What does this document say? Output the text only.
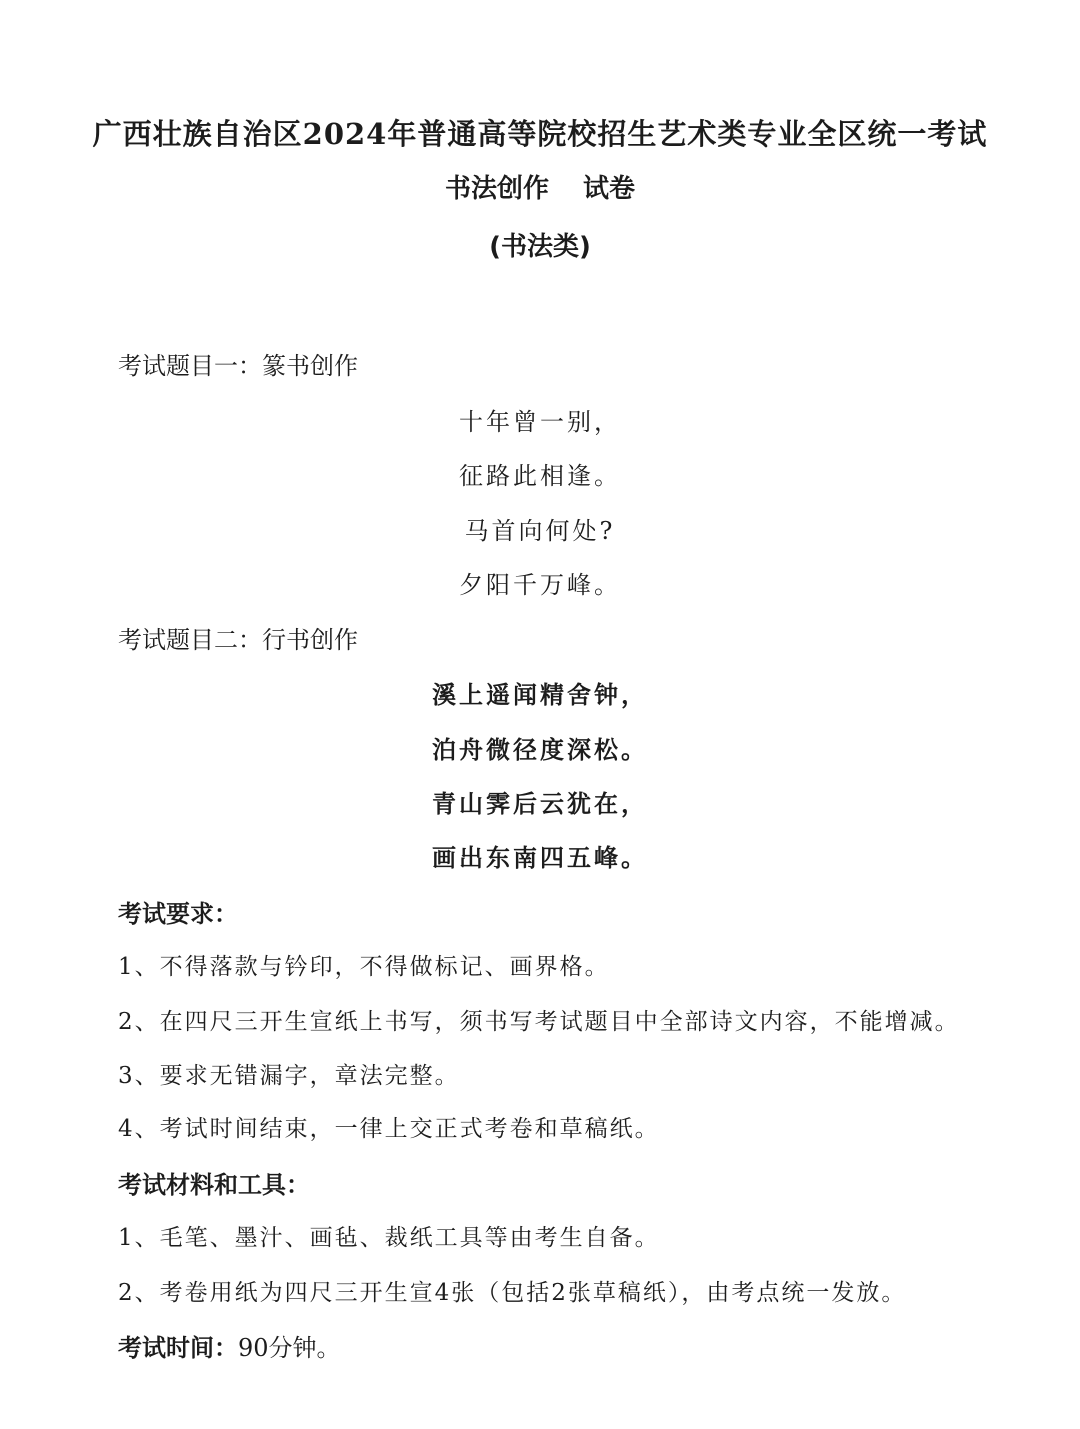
广西壮族自治区2024年普通高等院校招生艺术类专业全区统一考试
书法创作 试卷
(书法类)
考试题目一：篆书创作
十年曾一别，
征路此相逢。
马首向何处?
夕阳千万峰。
考试题目二：行书创作
溪上遥闻精舍钟，
泊舟微径度深松。
青山霁后云犹在，
画出东南四五峰。
考试要求：
1、不得落款与钤印，不得做标记、画界格。
2、在四尺三开生宣纸上书写，须书写考试题目中全部诗文内容，不能增减。
3、要求无错漏字，章法完整。
4、考试时间结束，一律上交正式考卷和草稿纸。
考试材料和工具：
1、毛笔、墨汁、画毡、裁纸工具等由考生自备。
2、考卷用纸为四尺三开生宣4张（包括2张草稿纸），由考点统一发放。
考试时间：90分钟。
